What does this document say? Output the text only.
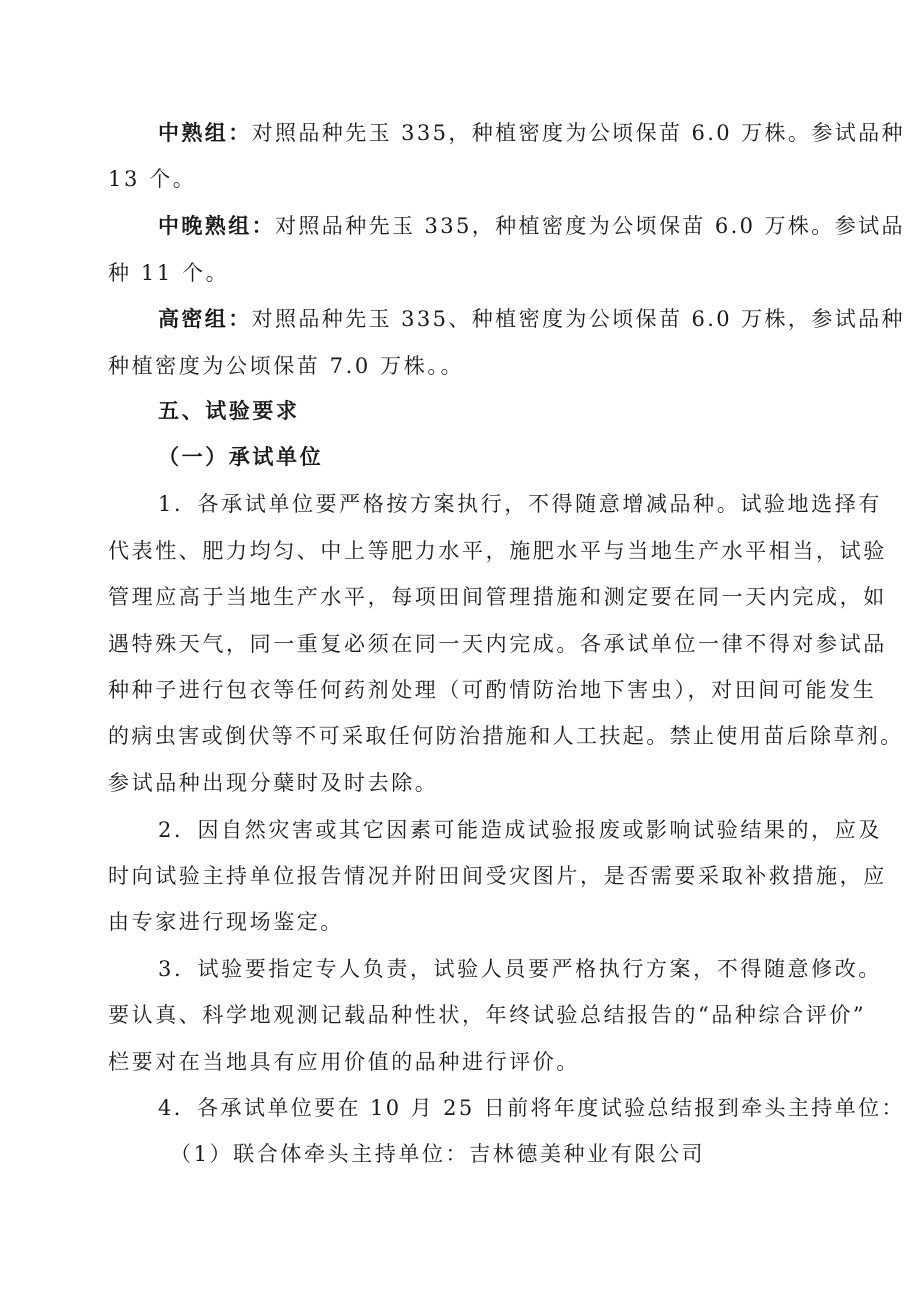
中熟组：对照品种先玉 335，种植密度为公顷保苗 6.0 万株。参试品种
13 个。
中晚熟组：对照品种先玉 335，种植密度为公顷保苗 6.0 万株。参试品
种 11 个。
高密组：对照品种先玉 335、种植密度为公顷保苗 6.0 万株，参试品种
种植密度为公顷保苗 7.0 万株。。
五、试验要求
（一）承试单位
1．各承试单位要严格按方案执行，不得随意增减品种。试验地选择有
代表性、肥力均匀、中上等肥力水平，施肥水平与当地生产水平相当，试验
管理应高于当地生产水平，每项田间管理措施和测定要在同一天内完成，如
遇特殊天气，同一重复必须在同一天内完成。各承试单位一律不得对参试品
种种子进行包衣等任何药剂处理（可酌情防治地下害虫），对田间可能发生
的病虫害或倒伏等不可采取任何防治措施和人工扶起。禁止使用苗后除草剂。
参试品种出现分蘖时及时去除。
2．因自然灾害或其它因素可能造成试验报废或影响试验结果的，应及
时向试验主持单位报告情况并附田间受灾图片，是否需要采取补救措施，应
由专家进行现场鉴定。
3．试验要指定专人负责，试验人员要严格执行方案，不得随意修改。
要认真、科学地观测记载品种性状，年终试验总结报告的“品种综合评价”
栏要对在当地具有应用价值的品种进行评价。
4．各承试单位要在 10 月 25 日前将年度试验总结报到牵头主持单位：
（1）联合体牵头主持单位：吉林德美种业有限公司
